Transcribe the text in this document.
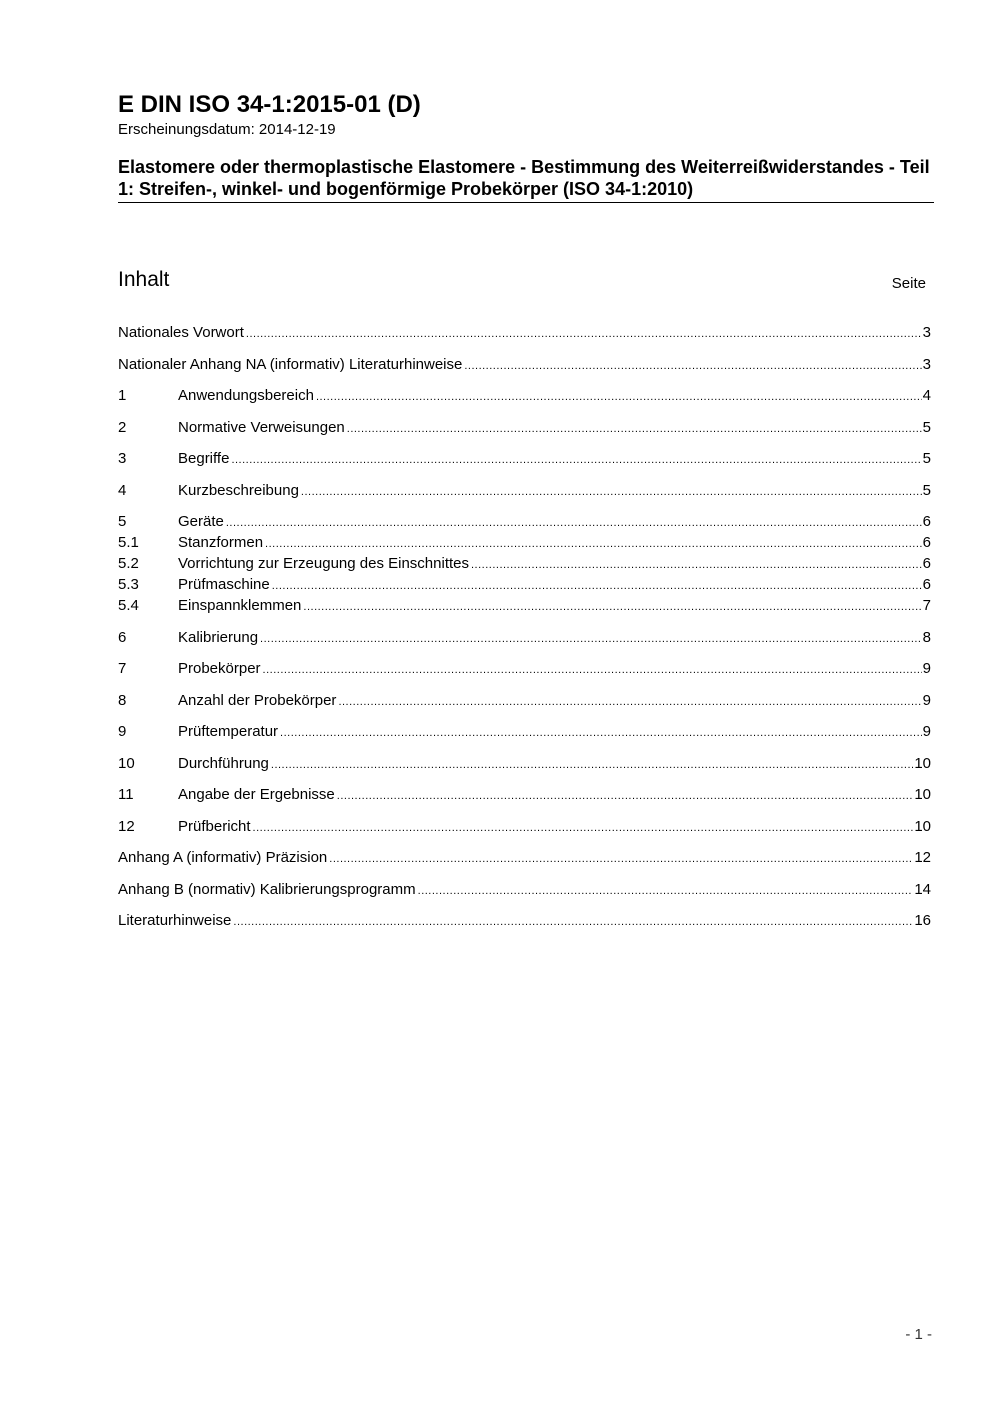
E DIN ISO 34-1:2015-01 (D)
Erscheinungsdatum: 2014-12-19
Elastomere oder thermoplastische Elastomere - Bestimmung des Weiterreißwiderstandes - Teil 1: Streifen-, winkel- und bogenförmige Probekörper (ISO 34-1:2010)
Inhalt	Seite
Nationales Vorwort .....	3
Nationaler Anhang NA (informativ) Literaturhinweise .....	3
1	Anwendungsbereich .....	4
2	Normative Verweisungen .....	5
3	Begriffe .....	5
4	Kurzbeschreibung .....	5
5	Geräte .....	6
5.1	Stanzformen .....	6
5.2	Vorrichtung zur Erzeugung des Einschnittes .....	6
5.3	Prüfmaschine .....	6
5.4	Einspannklemmen .....	7
6	Kalibrierung .....	8
7	Probekörper .....	9
8	Anzahl der Probekörper .....	9
9	Prüftemperatur .....	9
10	Durchführung .....	10
11	Angabe der Ergebnisse .....	10
12	Prüfbericht .....	10
Anhang A (informativ) Präzision .....	12
Anhang B (normativ) Kalibrierungsprogramm .....	14
Literaturhinweise .....	16
- 1 -
